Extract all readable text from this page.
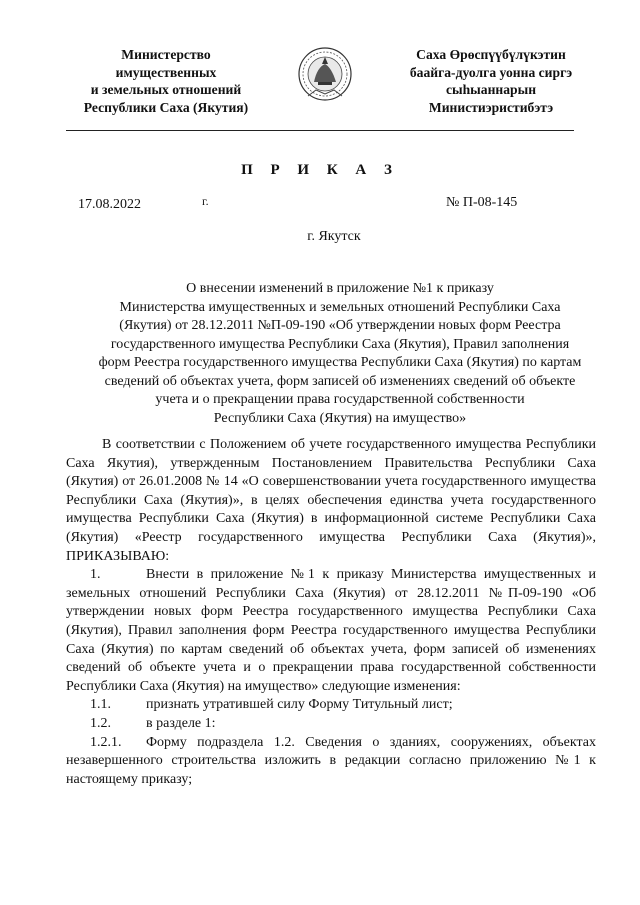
Министерство
имущественных
и земельных отношений
Республики Саха (Якутия)
Саха Өрөспүүбүлүкэтин
баайга-дуолга уонна сиргэ
сыһыаннарын
Министиэристибэтэ
П Р И К А З
17.08.2022	г.	№ П-08-145
г. Якутск
О внесении изменений в приложение №1 к приказу
Министерства имущественных и земельных отношений Республики Саха
(Якутия) от 28.12.2011 №П-09-190 «Об утверждении новых форм Реестра
государственного имущества Республики Саха (Якутия), Правил заполнения
форм Реестра государственного имущества Республики Саха (Якутия) по картам
сведений об объектах учета, форм записей об изменениях сведений об объекте
учета и о прекращении права государственной собственности
Республики Саха (Якутия) на имущество»

В соответствии с Положением об учете государственного имущества Республики Саха Якутия), утвержденным Постановлением Правительства Республики Саха (Якутия) от 26.01.2008 № 14 «О совершенствовании учета государственного имущества Республики Саха (Якутия)», в целях обеспечения единства учета государственного имущества Республики Саха (Якутия) в информационной системе Республики Саха (Якутия) «Реестр государственного имущества Республики Саха (Якутия)», ПРИКАЗЫВАЮ:

1.	Внести в приложение №1 к приказу Министерства имущественных и земельных отношений Республики Саха (Якутия) от 28.12.2011 №П-09-190 «Об утверждении новых форм Реестра государственного имущества Республики Саха (Якутия), Правил заполнения форм Реестра государственного имущества Республики Саха (Якутия) по картам сведений об объектах учета, форм записей об изменениях сведений об объекте учета и о прекращении права государственной собственности Республики Саха (Якутия) на имущество» следующие изменения:

1.1.	признать утратившей силу Форму Титульный лист;

1.2.	в разделе 1:

1.2.1. Форму подраздела 1.2. Сведения о зданиях, сооружениях, объектах незавершенного строительства изложить в редакции согласно приложению №1 к настоящему приказу;
